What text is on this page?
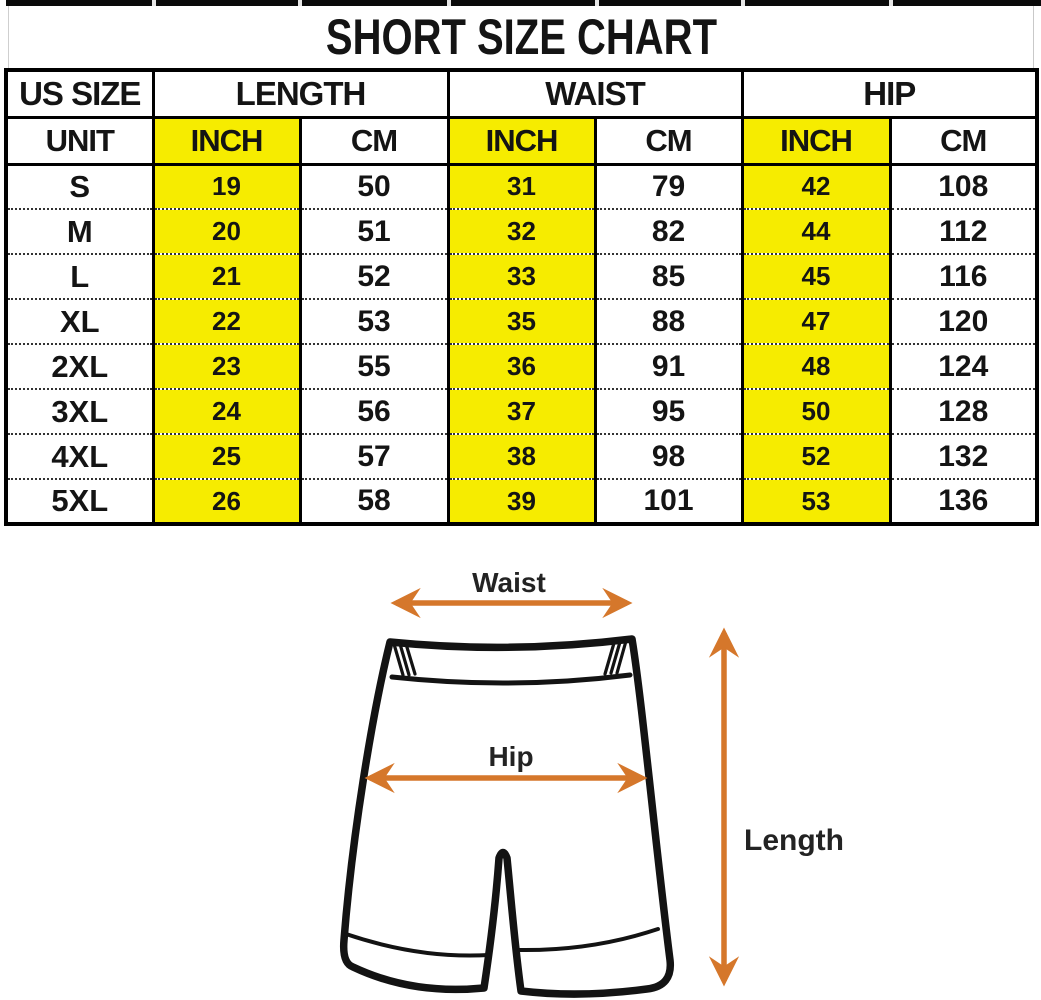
SHORT SIZE CHART
US SIZE	LENGTH		WAIST		HIP	
UNIT	INCH	CM	INCH	CM	INCH	CM
S	19	50	31	79	42	108
M	20	51	32	82	44	112
L	21	52	33	85	45	116
XL	22	53	35	88	47	120
2XL	23	55	36	91	48	124
3XL	24	56	37	95	50	128
4XL	25	57	38	98	52	132
5XL	26	58	39	101	53	136
Waist
Hip
Length
